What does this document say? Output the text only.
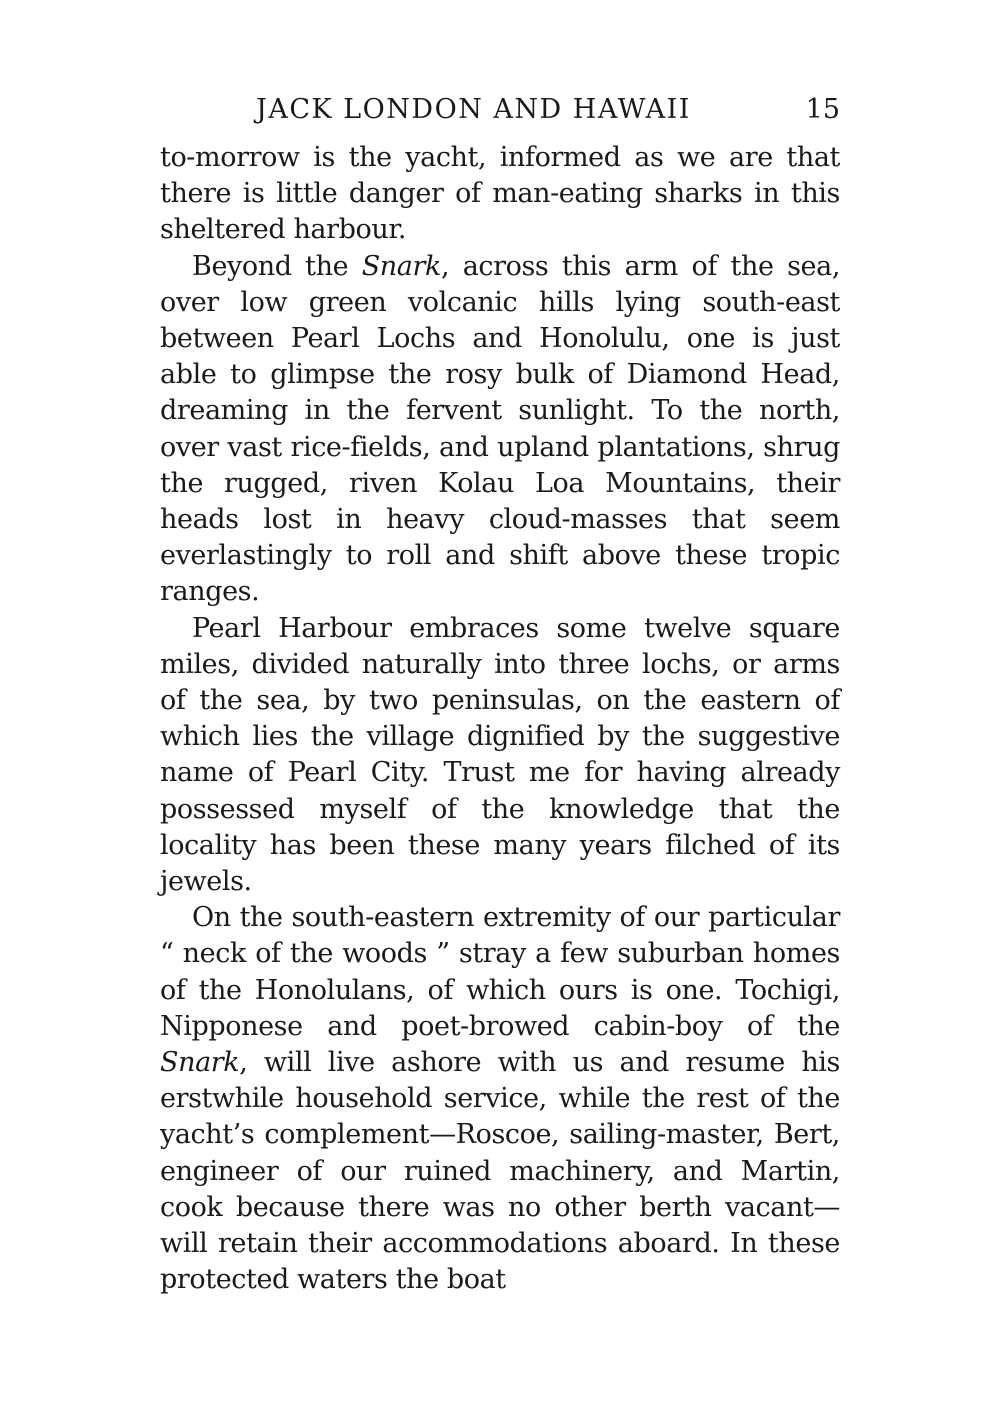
JACK LONDON AND HAWAII	15

to-morrow is the yacht, informed as we are that there is little danger of man-eating sharks in this sheltered harbour.

Beyond the Snark, across this arm of the sea, over low green volcanic hills lying south-east between Pearl Lochs and Honolulu, one is just able to glimpse the rosy bulk of Diamond Head, dreaming in the fervent sunlight. To the north, over vast rice-fields, and upland plantations, shrug the rugged, riven Kolau Loa Mountains, their heads lost in heavy cloud-masses that seem everlastingly to roll and shift above these tropic ranges.

Pearl Harbour embraces some twelve square miles, divided naturally into three lochs, or arms of the sea, by two peninsulas, on the eastern of which lies the village dignified by the suggestive name of Pearl City. Trust me for having already possessed myself of the knowledge that the locality has been these many years filched of its jewels.

On the south-eastern extremity of our particular “ neck of the woods ” stray a few suburban homes of the Honolulans, of which ours is one. Tochigi, Nipponese and poet-browed cabin-boy of the Snark, will live ashore with us and resume his erstwhile household service, while the rest of the yacht’s complement—Roscoe, sailing-master, Bert, engineer of our ruined machinery, and Martin, cook because there was no other berth vacant—will retain their accommodations aboard. In these protected waters the boat
